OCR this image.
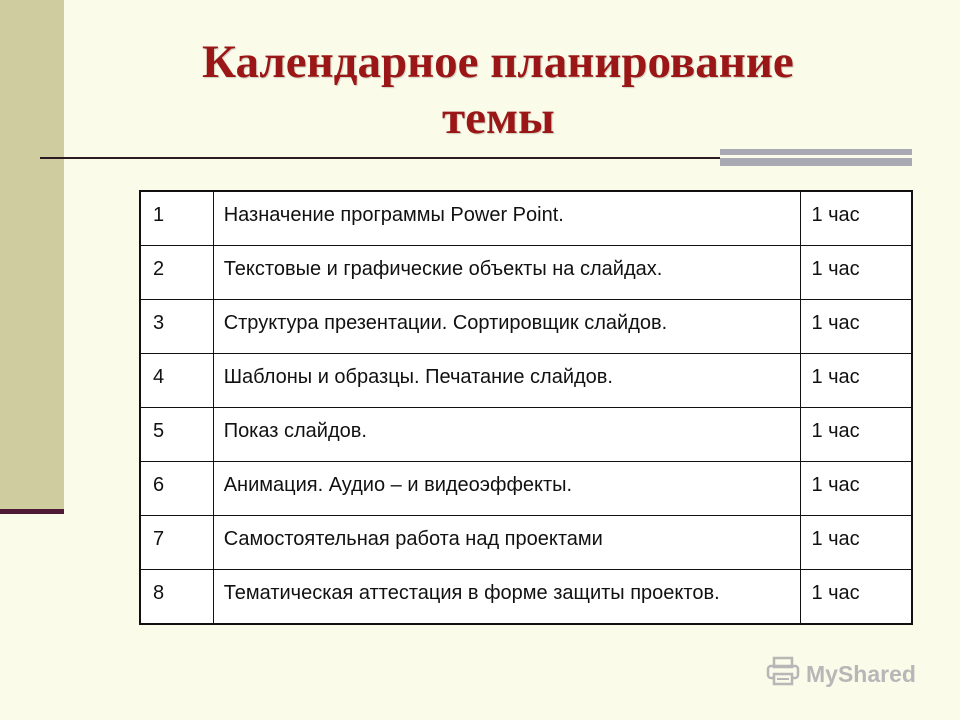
Календарное планирование
темы
1	Назначение программы Power Point.	1 час
2	Текстовые и графические объекты на слайдах.	1 час
3	Структура презентации. Сортировщик слайдов.	1 час
4	Шаблоны и образцы. Печатание слайдов.	1 час
5	Показ слайдов.	1 час
6	Анимация. Аудио – и видеоэффекты.	1 час
7	Самостоятельная работа над проектами	1 час
8	Тематическая аттестация в форме защиты проектов.	1 час
MyShared
